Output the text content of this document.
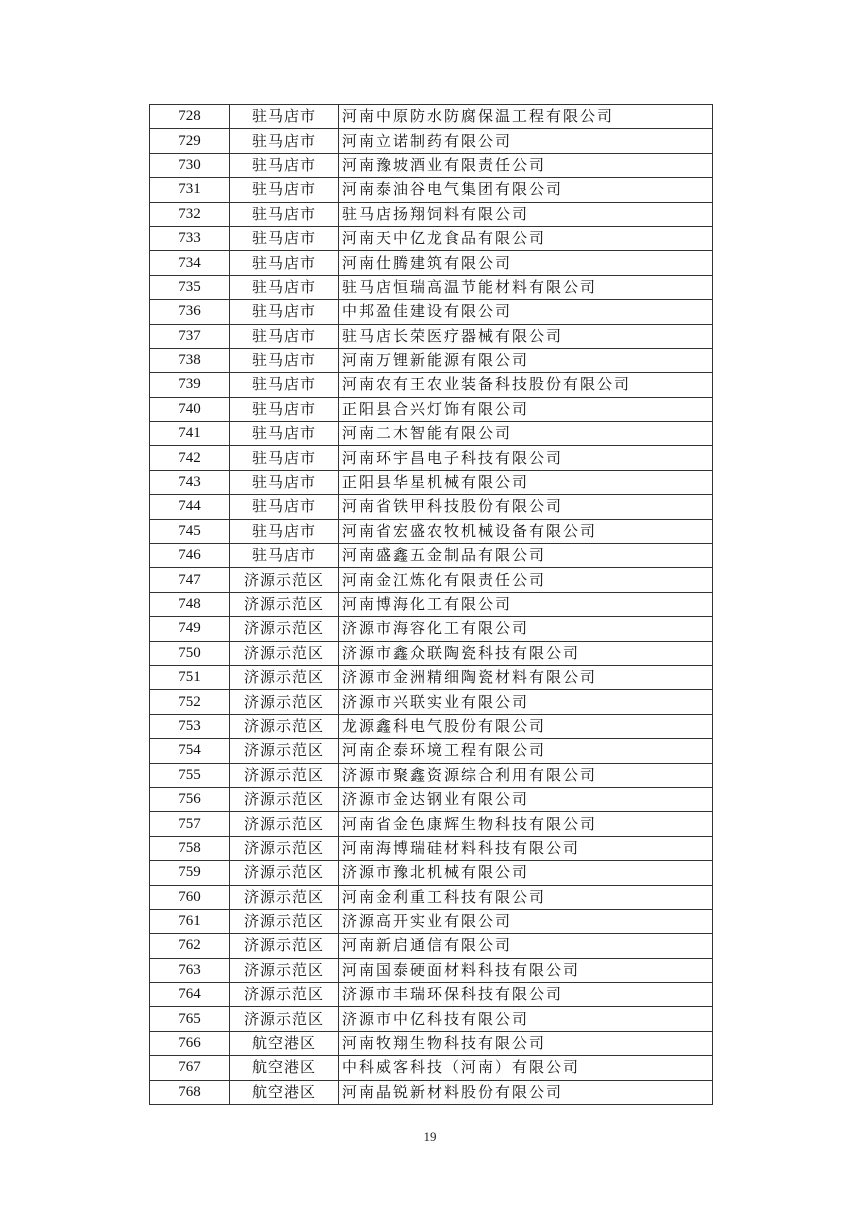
728	驻马店市	河南中原防水防腐保温工程有限公司
729	驻马店市	河南立诺制药有限公司
730	驻马店市	河南豫坡酒业有限责任公司
731	驻马店市	河南泰油谷电气集团有限公司
732	驻马店市	驻马店扬翔饲料有限公司
733	驻马店市	河南天中亿龙食品有限公司
734	驻马店市	河南仕腾建筑有限公司
735	驻马店市	驻马店恒瑞高温节能材料有限公司
736	驻马店市	中邦盈佳建设有限公司
737	驻马店市	驻马店长荣医疗器械有限公司
738	驻马店市	河南万锂新能源有限公司
739	驻马店市	河南农有王农业装备科技股份有限公司
740	驻马店市	正阳县合兴灯饰有限公司
741	驻马店市	河南二木智能有限公司
742	驻马店市	河南环宇昌电子科技有限公司
743	驻马店市	正阳县华星机械有限公司
744	驻马店市	河南省铁甲科技股份有限公司
745	驻马店市	河南省宏盛农牧机械设备有限公司
746	驻马店市	河南盛鑫五金制品有限公司
747	济源示范区	河南金江炼化有限责任公司
748	济源示范区	河南博海化工有限公司
749	济源示范区	济源市海容化工有限公司
750	济源示范区	济源市鑫众联陶瓷科技有限公司
751	济源示范区	济源市金洲精细陶瓷材料有限公司
752	济源示范区	济源市兴联实业有限公司
753	济源示范区	龙源鑫科电气股份有限公司
754	济源示范区	河南企泰环境工程有限公司
755	济源示范区	济源市聚鑫资源综合利用有限公司
756	济源示范区	济源市金达钢业有限公司
757	济源示范区	河南省金色康辉生物科技有限公司
758	济源示范区	河南海博瑞硅材料科技有限公司
759	济源示范区	济源市豫北机械有限公司
760	济源示范区	河南金利重工科技有限公司
761	济源示范区	济源高开实业有限公司
762	济源示范区	河南新启通信有限公司
763	济源示范区	河南国泰硬面材料科技有限公司
764	济源示范区	济源市丰瑞环保科技有限公司
765	济源示范区	济源市中亿科技有限公司
766	航空港区	河南牧翔生物科技有限公司
767	航空港区	中科威客科技（河南）有限公司
768	航空港区	河南晶锐新材料股份有限公司
19
